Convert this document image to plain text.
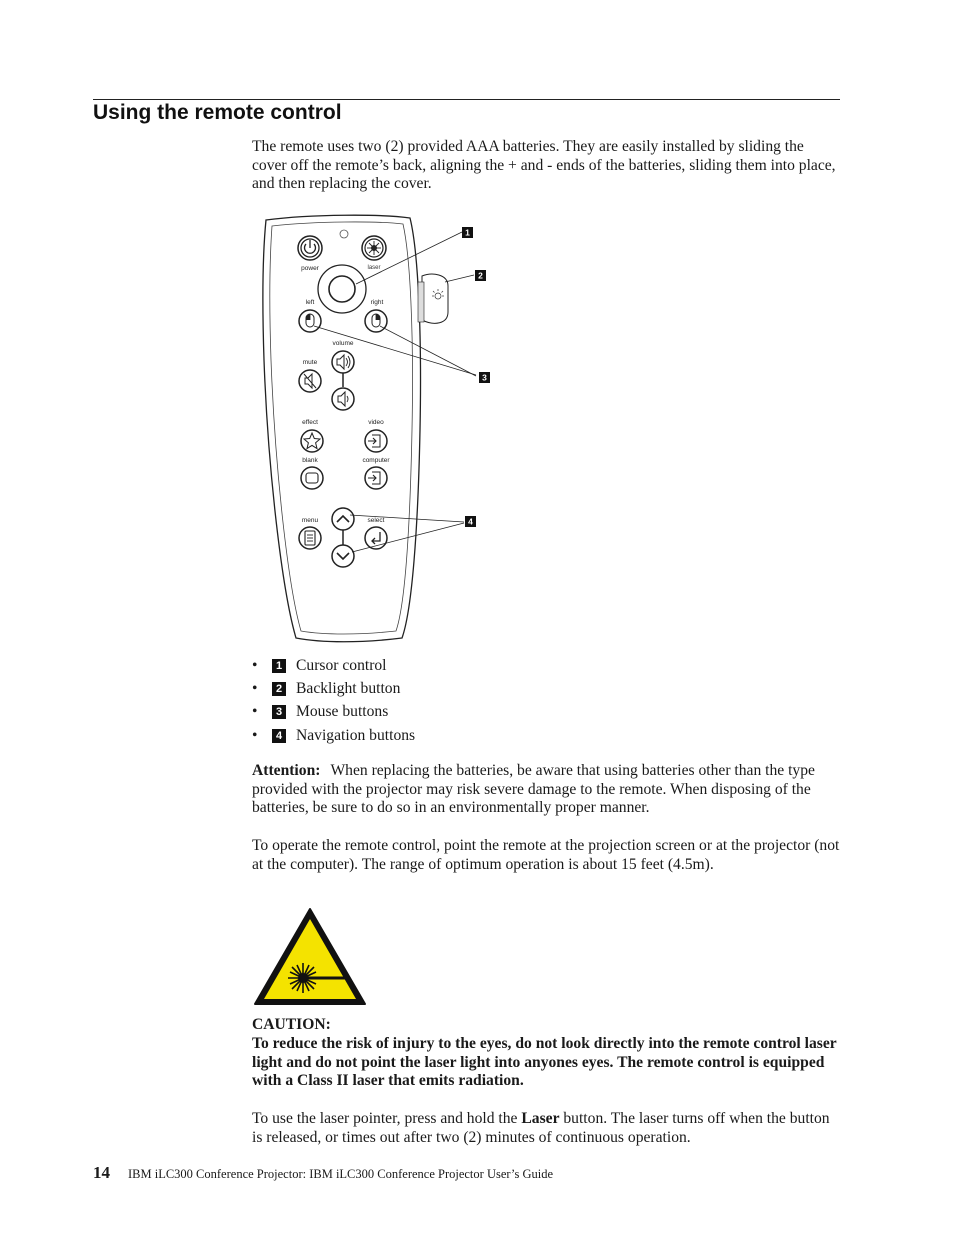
Using the remote control
The remote uses two (2) provided AAA batteries. They are easily installed by sliding the cover off the remote’s back, aligning the + and - ends of the batteries, sliding them into place, and then replacing the cover.
power	laser
left	right
volume
mute
effect	video
blank	computer
menu	select
1
2
3
4
•	1 Cursor control
•	2 Backlight button
•	3 Mouse buttons
•	4 Navigation buttons
Attention: When replacing the batteries, be aware that using batteries other than the type provided with the projector may risk severe damage to the remote. When disposing of the batteries, be sure to do so in an environmentally proper manner.
To operate the remote control, point the remote at the projection screen or at the projector (not at the computer). The range of optimum operation is about 15 feet (4.5m).
CAUTION:
To reduce the risk of injury to the eyes, do not look directly into the remote control laser light and do not point the laser light into anyones eyes. The remote control is equipped with a Class II laser that emits radiation.
To use the laser pointer, press and hold the Laser button. The laser turns off when the button is released, or times out after two (2) minutes of continuous operation.
14 IBM iLC300 Conference Projector: IBM iLC300 Conference Projector User’s Guide
